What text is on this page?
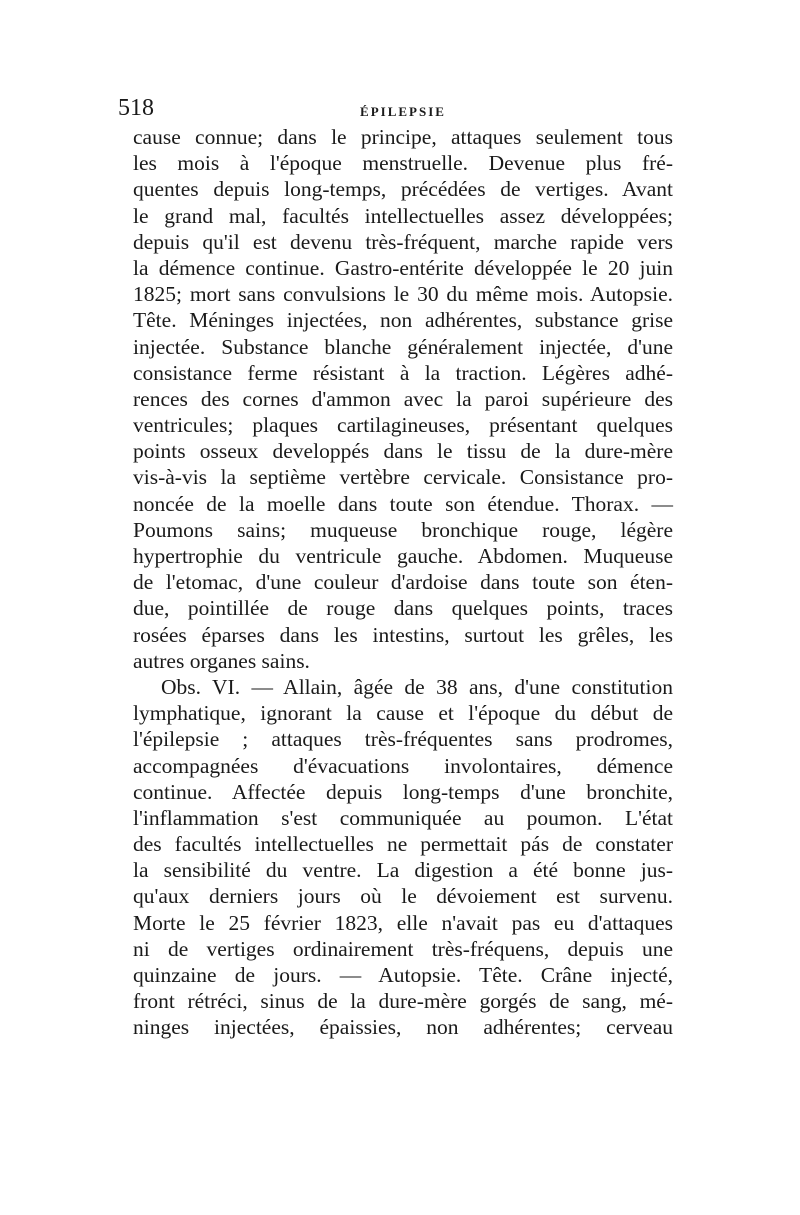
518	ÉPILEPSIE
cause connue; dans le principe, attaques seulement tous
les mois à l'époque menstruelle. Devenue plus fré-
quentes depuis long-temps, précédées de vertiges. Avant
le grand mal, facultés intellectuelles assez développées;
depuis qu'il est devenu très-fréquent, marche rapide vers
la démence continue. Gastro-entérite développée le 20 juin
1825; mort sans convulsions le 30 du même mois. Autopsie.
Tête. Méninges injectées, non adhérentes, substance grise
injectée. Substance blanche généralement injectée, d'une
consistance ferme résistant à la traction. Légères adhé-
rences des cornes d'ammon avec la paroi supérieure des
ventricules; plaques cartilagineuses, présentant quelques
points osseux developpés dans le tissu de la dure-mère
vis-à-vis la septième vertèbre cervicale. Consistance pro-
noncée de la moelle dans toute son étendue. Thorax. —
Poumons sains; muqueuse bronchique rouge, légère
hypertrophie du ventricule gauche. Abdomen. Muqueuse
de l'etomac, d'une couleur d'ardoise dans toute son éten-
due, pointillée de rouge dans quelques points, traces
rosées éparses dans les intestins, surtout les grêles, les
autres organes sains.
Obs. VI. — Allain, âgée de 38 ans, d'une constitution
lymphatique, ignorant la cause et l'époque du début de
l'épilepsie ; attaques très-fréquentes sans prodromes,
accompagnées d'évacuations involontaires, démence
continue. Affectée depuis long-temps d'une bronchite,
l'inflammation s'est communiquée au poumon. L'état
des facultés intellectuelles ne permettait pás de constater
la sensibilité du ventre. La digestion a été bonne jus-
qu'aux derniers jours où le dévoiement est survenu.
Morte le 25 février 1823, elle n'avait pas eu d'attaques
ni de vertiges ordinairement très-fréquens, depuis une
quinzaine de jours. — Autopsie. Tête. Crâne injecté,
front rétréci, sinus de la dure-mère gorgés de sang, mé-
ninges injectées, épaissies, non adhérentes; cerveau
